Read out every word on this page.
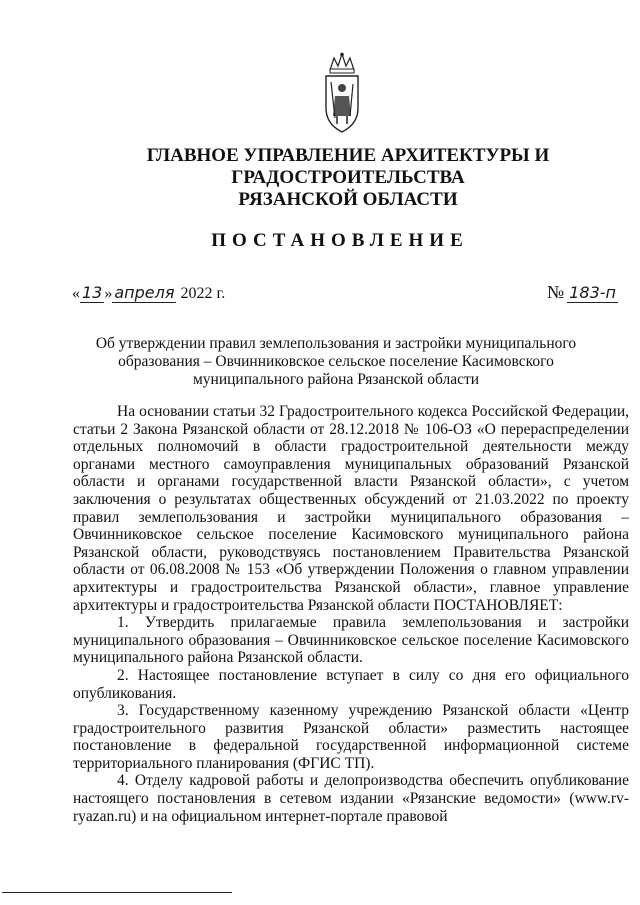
ГЛАВНОЕ УПРАВЛЕНИЕ АРХИТЕКТУРЫ И ГРАДОСТРОИТЕЛЬСТВА
РЯЗАНСКОЙ ОБЛАСТИ
ПОСТАНОВЛЕНИЕ
« 13 » апреля 2022 г.	№ 183-п
Об утверждении правил землепользования и застройки муниципального
образования – Овчинниковское сельское поселение Касимовского
муниципального района Рязанской области

На основании статьи 32 Градостроительного кодекса Российской Федерации, статьи 2 Закона Рязанской области от 28.12.2018 № 106-ОЗ «О перераспределении отдельных полномочий в области градостроительной деятельности между органами местного самоуправления муниципальных образований Рязанской области и органами государственной власти Рязанской области», с учетом заключения о результатах общественных обсуждений от 21.03.2022 по проекту правил землепользования и застройки муниципального образования – Овчинниковское сельское поселение Касимовского муниципального района Рязанской области, руководствуясь постановлением Правительства Рязанской области от 06.08.2008 № 153 «Об утверждении Положения о главном управлении архитектуры и градостроительства Рязанской области», главное управление архитектуры и градостроительства Рязанской области ПОСТАНОВЛЯЕТ:

1. Утвердить прилагаемые правила землепользования и застройки муниципального образования – Овчинниковское сельское поселение Касимовского муниципального района Рязанской области.

2. Настоящее постановление вступает в силу со дня его официального опубликования.

3. Государственному казенному учреждению Рязанской области «Центр градостроительного развития Рязанской области» разместить настоящее постановление в федеральной государственной информационной системе территориального планирования (ФГИС ТП).

4. Отделу кадровой работы и делопроизводства обеспечить опубликование настоящего постановления в сетевом издании «Рязанские ведомости» (www.rv-ryazan.ru) и на официальном интернет-портале правовой
